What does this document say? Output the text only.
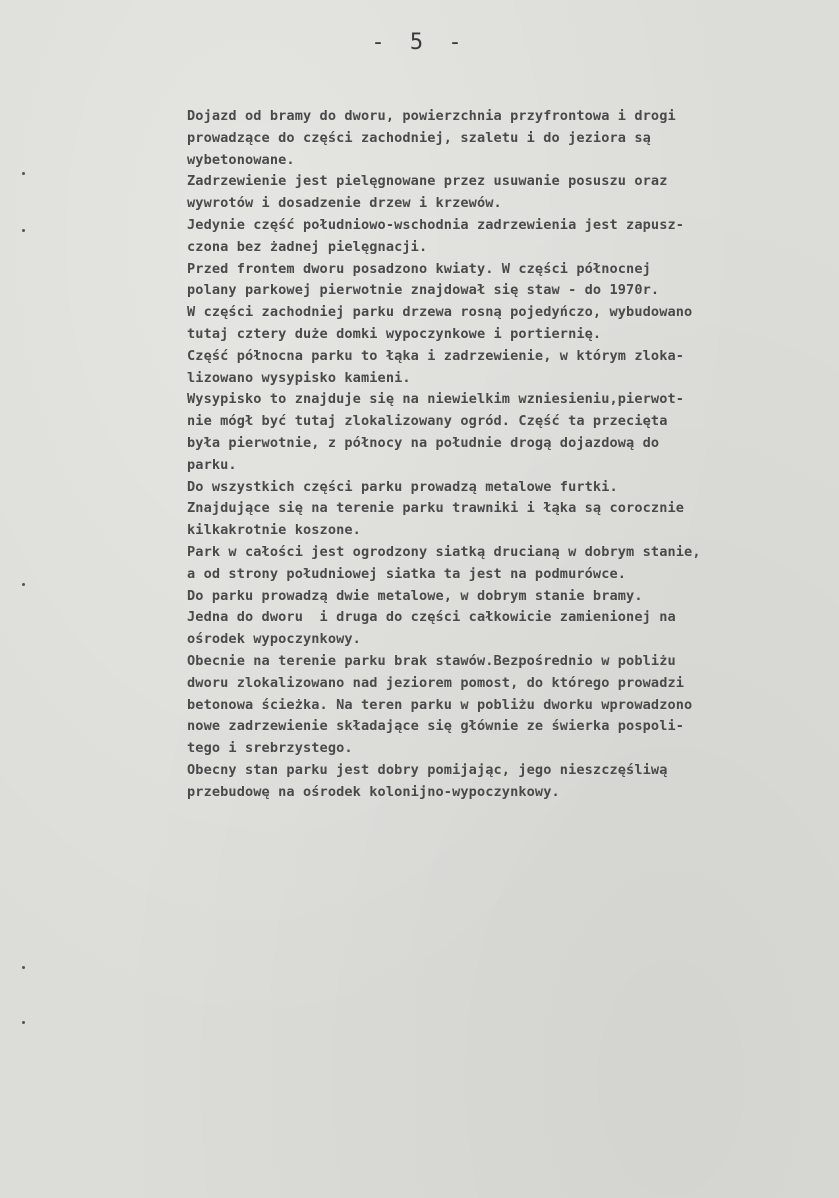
- 5 -
Dojazd od bramy do dworu, powierzchnia przyfrontowa i drogi
prowadzące do części zachodniej, szaletu i do jeziora są
wybetonowane.
Zadrzewienie jest pielęgnowane przez usuwanie posuszu oraz
wywrotów i dosadzenie drzew i krzewów.
Jedynie część południowo-wschodnia zadrzewienia jest zapusz-
czona bez żadnej pielęgnacji.
Przed frontem dworu posadzono kwiaty. W części północnej
polany parkowej pierwotnie znajdował się staw - do 1970r.
W części zachodniej parku drzewa rosną pojedyńczo, wybudowano
tutaj cztery duże domki wypoczynkowe i portiernię.
Część północna parku to łąka i zadrzewienie, w którym zloka-
lizowano wysypisko kamieni.
Wysypisko to znajduje się na niewielkim wzniesieniu,pierwot-
nie mógł być tutaj zlokalizowany ogród. Część ta przecięta
była pierwotnie, z północy na południe drogą dojazdową do
parku.
Do wszystkich części parku prowadzą metalowe furtki.
Znajdujące się na terenie parku trawniki i łąka są corocznie
kilkakrotnie koszone.
Park w całości jest ogrodzony siatką drucianą w dobrym stanie,
a od strony południowej siatka ta jest na podmurówce.
Do parku prowadzą dwie metalowe, w dobrym stanie bramy.
Jedna do dworu  i druga do części całkowicie zamienionej na
ośrodek wypoczynkowy.
Obecnie na terenie parku brak stawów.Bezpośrednio w pobliżu
dworu zlokalizowano nad jeziorem pomost, do którego prowadzi
betonowa ścieżka. Na teren parku w pobliżu dworku wprowadzono
nowe zadrzewienie składające się głównie ze świerka pospoli-
tego i srebrzystego.
Obecny stan parku jest dobry pomijając, jego nieszczęśliwą
przebudowę na ośrodek kolonijno-wypoczynkowy.
